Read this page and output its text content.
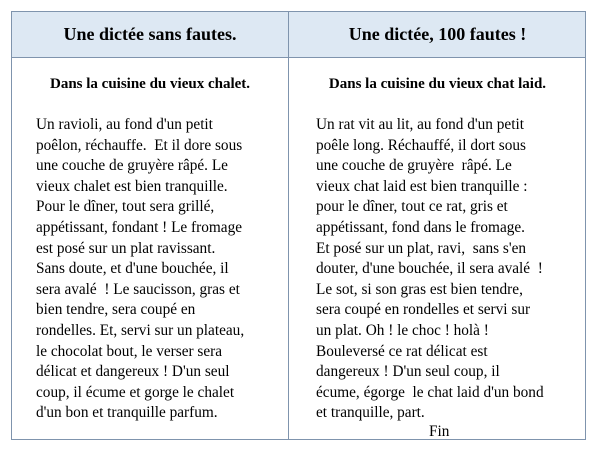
Une dictée sans fautes.	Une dictée, 100 fautes !
Dans la cuisine du vieux chalet.
Un ravioli, au fond d'un petit
poêlon, réchauffe.  Et il dore sous
une couche de gruyère râpé. Le
vieux chalet est bien tranquille.
Pour le dîner, tout sera grillé,
appétissant, fondant ! Le fromage
est posé sur un plat ravissant.
Sans doute, et d'une bouchée, il
sera avalé  ! Le saucisson, gras et
bien tendre, sera coupé en
rondelles. Et, servi sur un plateau,
le chocolat bout, le verser sera
délicat et dangereux ! D'un seul
coup, il écume et gorge le chalet
d'un bon et tranquille parfum.
Dans la cuisine du vieux chat laid.
Un rat vit au lit, au fond d'un petit
poêle long. Réchauffé, il dort sous
une couche de gruyère  râpé. Le
vieux chat laid est bien tranquille :
pour le dîner, tout ce rat, gris et
appétissant, fond dans le fromage.
Et posé sur un plat, ravi,  sans s'en
douter, d'une bouchée, il sera avalé  !
Le sot, si son gras est bien tendre,
sera coupé en rondelles et servi sur
un plat. Oh ! le choc ! holà !
Bouleversé ce rat délicat est
dangereux ! D'un seul coup, il
écume, égorge  le chat laid d'un bond
et tranquille, part.
Fin
